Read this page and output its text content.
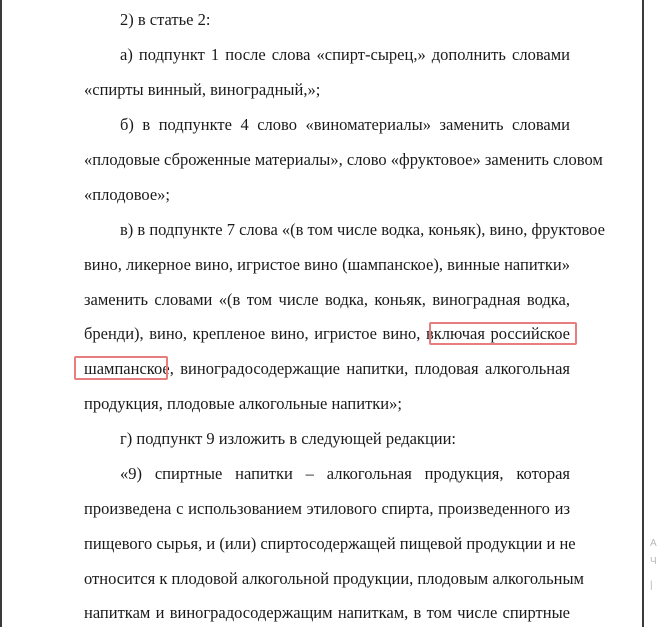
2) в статье 2:
а) подпункт 1 после слова «спирт-сырец,» дополнить словами
«спирты винный, виноградный,»;
б) в подпункте 4 слово «виноматериалы» заменить словами
«плодовые сброженные материалы», слово «фруктовое» заменить словом
«плодовое»;
в) в подпункте 7 слова «(в том числе водка, коньяк), вино, фруктовое
вино, ликерное вино, игристое вино (шампанское), винные напитки»
заменить словами «(в том числе водка, коньяк, виноградная водка,
бренди), вино, крепленое вино, игристое вино, включая российское
шампанское, виноградосодержащие напитки, плодовая алкогольная
продукция, плодовые алкогольные напитки»;
г) подпункт 9 изложить в следующей редакции:
«9) спиртные напитки – алкогольная продукция, которая
произведена с использованием этилового спирта, произведенного из
пищевого сырья, и (или) спиртосодержащей пищевой продукции и не
относится к плодовой алкогольной продукции, плодовым алкогольным
напиткам и виноградосодержащим напиткам, в том числе спиртные
А
Ч
|
